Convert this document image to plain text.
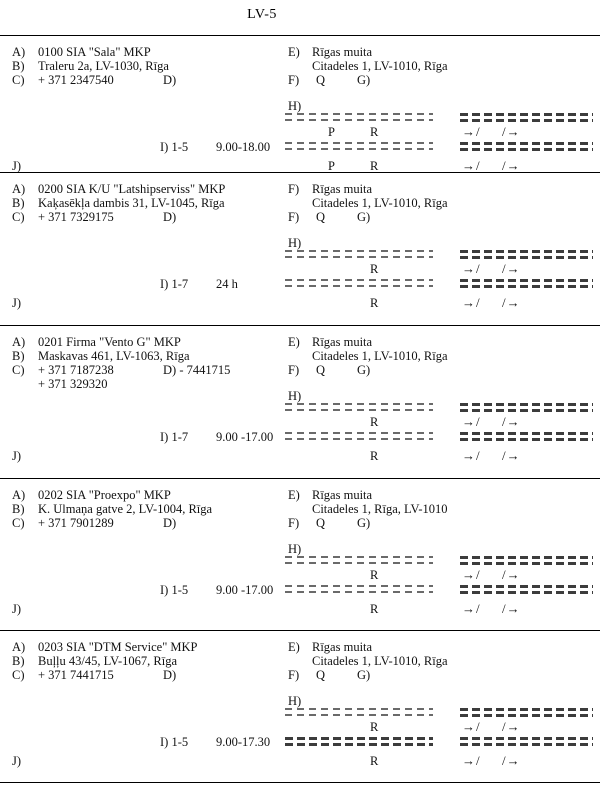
LV-5
A) 0100 SIA "Sala" MKP
B) Traleru 2a, LV-1030, Rīga
C) + 371 2347540	D)
E) Rīgas muita
Citadeles 1, LV-1010, Rīga
F) Q	G)
H)
P	R	→/ /→
I) 1-5 9.00-18.00
J)	P	R	→/ /→
A) 0200 SIA K/U "Latshipserviss" MKP
B) Kaķasēkļa dambis 31, LV-1045, Rīga
C) + 371 7329175	D)
F) Rīgas muita
Citadeles 1, LV-1010, Rīga
F) Q	G)
H)
R	→/ /→
I) 1-7 24 h
J)	R	→/ /→
A) 0201 Firma "Vento G" MKP
B) Maskavas 461, LV-1063, Rīga
C) + 371 7187238	D) - 7441715
+ 371 329320
E) Rīgas muita
Citadeles 1, LV-1010, Rīga
F) Q	G)
H)
R	→/ /→
I) 1-7 9.00 -17.00
J)	R	→/ /→
A) 0202 SIA "Proexpo" MKP
B) K. Ulmaņa gatve 2, LV-1004, Rīga
C) + 371 7901289	D)
E) Rīgas muita
Citadeles 1, Rīga, LV-1010
F) Q	G)
H)
R	→/ /→
I) 1-5 9.00 -17.00
J)	R	→/ /→
A) 0203 SIA "DTM Service" MKP
B) Buļļu 43/45, LV-1067, Rīga
C) + 371 7441715	D)
E) Rīgas muita
Citadeles 1, LV-1010, Rīga
F) Q	G)
H)
R	→/ /→
I) 1-5 9.00-17.30
J)	R	→/ /→
